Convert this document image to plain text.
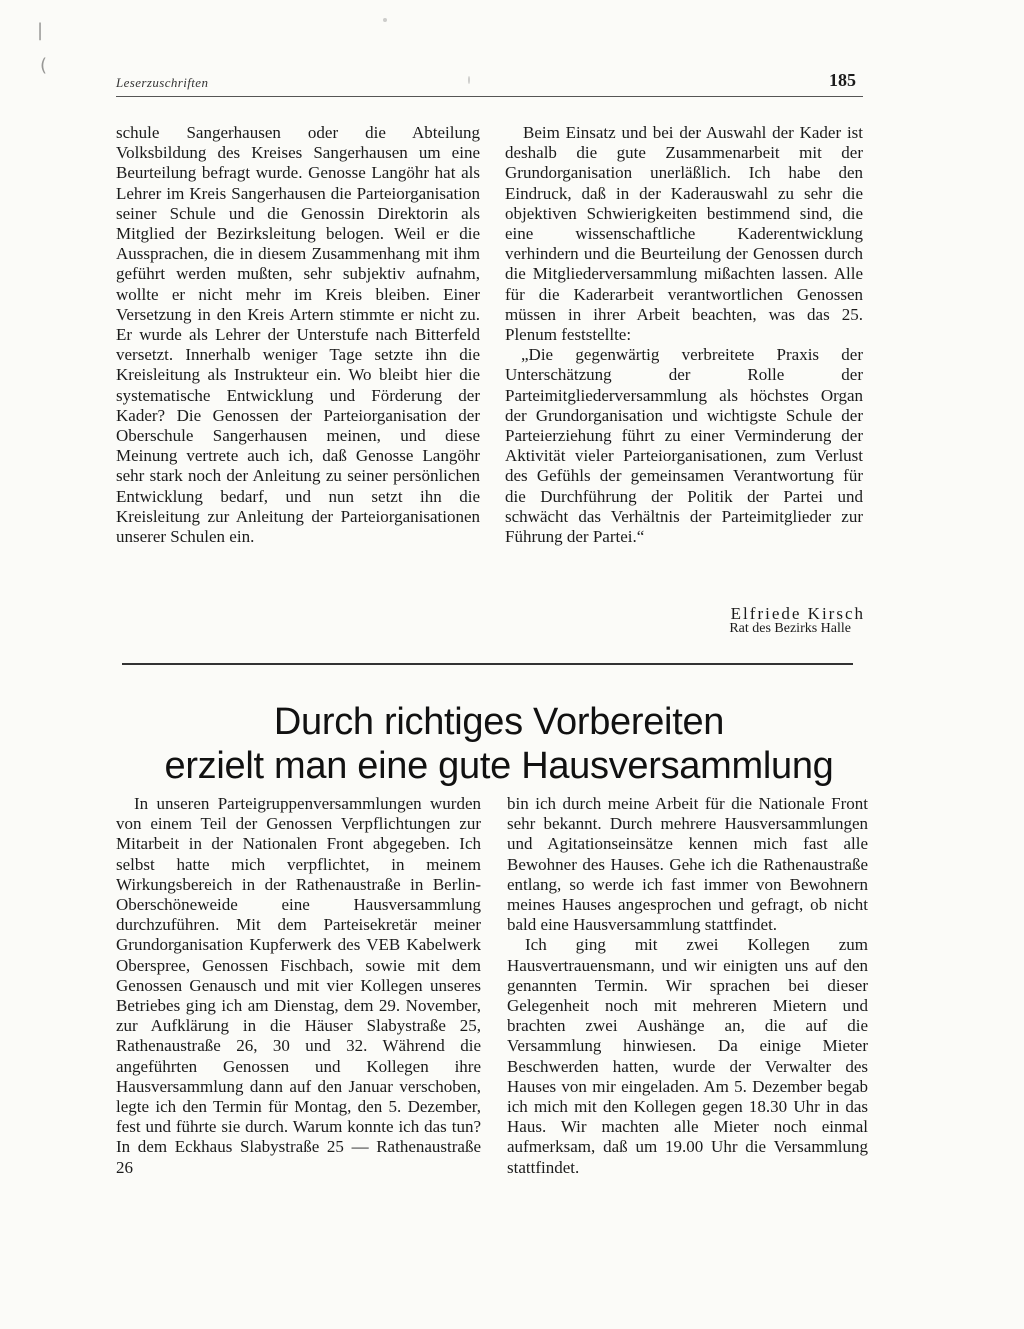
|
(
Leserzuschriften	185

schule Sangerhausen oder die Abteilung Volksbildung des Kreises Sangerhausen um eine Beurteilung befragt wurde. Genosse Langöhr hat als Lehrer im Kreis Sangerhausen die Parteiorganisation seiner Schule und die Genossin Direktorin als Mitglied der Bezirksleitung belogen. Weil er die Aussprachen, die in diesem Zusammenhang mit ihm geführt werden mußten, sehr subjektiv aufnahm, wollte er nicht mehr im Kreis bleiben. Einer Versetzung in den Kreis Artern stimmte er nicht zu. Er wurde als Lehrer der Unterstufe nach Bitterfeld versetzt. Innerhalb weniger Tage setzte ihn die Kreisleitung als Instrukteur ein. Wo bleibt hier die systematische Entwicklung und Förderung der Kader? Die Genossen der Parteiorganisation der Oberschule Sangerhausen meinen, und diese Meinung vertrete auch ich, daß Genosse Langöhr sehr stark noch der Anleitung zu seiner persönlichen Entwicklung bedarf, und nun setzt ihn die Kreisleitung zur Anleitung der Parteiorganisationen unserer Schulen ein.

Beim Einsatz und bei der Auswahl der Kader ist deshalb die gute Zusammenarbeit mit der Grundorganisation unerläßlich. Ich habe den Eindruck, daß in der Kaderauswahl zu sehr die objektiven Schwierigkeiten bestimmend sind, die eine wissenschaftliche Kaderentwicklung verhindern und die Beurteilung der Genossen durch die Mitgliederversammlung mißachten lassen. Alle für die Kaderarbeit verantwortlichen Genossen müssen in ihrer Arbeit beachten, was das 25. Plenum feststellte:

„Die gegenwärtig verbreitete Praxis der Unterschätzung der Rolle der Parteimitgliederversammlung als höchstes Organ der Grundorganisation und wichtigste Schule der Parteierziehung führt zu einer Verminderung der Aktivität vieler Parteiorganisationen, zum Verlust des Gefühls der gemeinsamen Verantwortung für die Durchführung der Politik der Partei und schwächt das Verhältnis der Parteimitglieder zur Führung der Partei.“

Elfriede Kirsch
Rat des Bezirks Halle
Durch richtiges Vorbereiten
erzielt man eine gute Hausversammlung

In unseren Parteigruppenversammlungen wurden von einem Teil der Genossen Verpflichtungen zur Mitarbeit in der Nationalen Front abgegeben. Ich selbst hatte mich verpflichtet, in meinem Wirkungsbereich in der Rathenaustraße in Berlin-Oberschöneweide eine Hausversammlung durchzuführen. Mit dem Parteisekretär meiner Grundorganisation Kupferwerk des VEB Kabelwerk Oberspree, Genossen Fischbach, sowie mit dem Genossen Genausch und mit vier Kollegen unseres Betriebes ging ich am Dienstag, dem 29. November, zur Aufklärung in die Häuser Slabystraße 25, Rathenaustraße 26, 30 und 32. Während die angeführten Genossen und Kollegen ihre Hausversammlung dann auf den Januar verschoben, legte ich den Termin für Montag, den 5. Dezember, fest und führte sie durch. Warum konnte ich das tun? In dem Eckhaus Slabystraße 25 — Rathenaustraße 26

bin ich durch meine Arbeit für die Nationale Front sehr bekannt. Durch mehrere Hausversammlungen und Agitationseinsätze kennen mich fast alle Bewohner des Hauses. Gehe ich die Rathenaustraße entlang, so werde ich fast immer von Bewohnern meines Hauses angesprochen und gefragt, ob nicht bald eine Hausversammlung stattfindet.

Ich ging mit zwei Kollegen zum Hausvertrauensmann, und wir einigten uns auf den genannten Termin. Wir sprachen bei dieser Gelegenheit noch mit mehreren Mietern und brachten zwei Aushänge an, die auf die Versammlung hinwiesen. Da einige Mieter Beschwerden hatten, wurde der Verwalter des Hauses von mir eingeladen. Am 5. Dezember begab ich mich mit den Kollegen gegen 18.30 Uhr in das Haus. Wir machten alle Mieter noch einmal aufmerksam, daß um 19.00 Uhr die Versammlung stattfindet.
